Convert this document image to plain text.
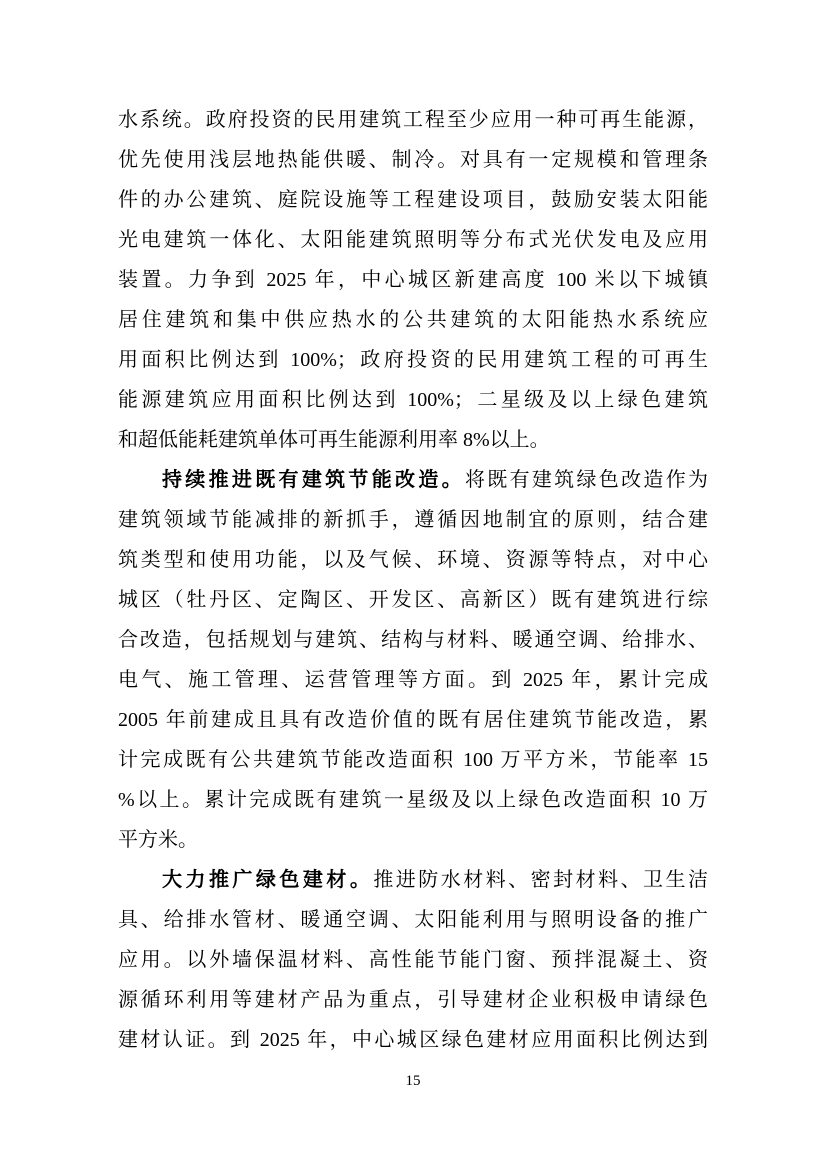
水系统。政府投资的民用建筑工程至少应用一种可再生能源，
优先使用浅层地热能供暖、制冷。对具有一定规模和管理条
件的办公建筑、庭院设施等工程建设项目，鼓励安装太阳能
光电建筑一体化、太阳能建筑照明等分布式光伏发电及应用
装置。力争到 2025 年，中心城区新建高度 100 米以下城镇
居住建筑和集中供应热水的公共建筑的太阳能热水系统应
用面积比例达到 100%；政府投资的民用建筑工程的可再生
能源建筑应用面积比例达到 100%；二星级及以上绿色建筑
和超低能耗建筑单体可再生能源利用率 8%以上。
持续推进既有建筑节能改造。将既有建筑绿色改造作为
建筑领域节能减排的新抓手，遵循因地制宜的原则，结合建
筑类型和使用功能，以及气候、环境、资源等特点，对中心
城区（牡丹区、定陶区、开发区、高新区）既有建筑进行综
合改造，包括规划与建筑、结构与材料、暖通空调、给排水、
电气、施工管理、运营管理等方面。到 2025 年，累计完成
2005 年前建成且具有改造价值的既有居住建筑节能改造，累
计完成既有公共建筑节能改造面积 100 万平方米，节能率 15
%以上。累计完成既有建筑一星级及以上绿色改造面积 10 万
平方米。
大力推广绿色建材。推进防水材料、密封材料、卫生洁
具、给排水管材、暖通空调、太阳能利用与照明设备的推广
应用。以外墙保温材料、高性能节能门窗、预拌混凝土、资
源循环利用等建材产品为重点，引导建材企业积极申请绿色
建材认证。到 2025 年，中心城区绿色建材应用面积比例达到
15
